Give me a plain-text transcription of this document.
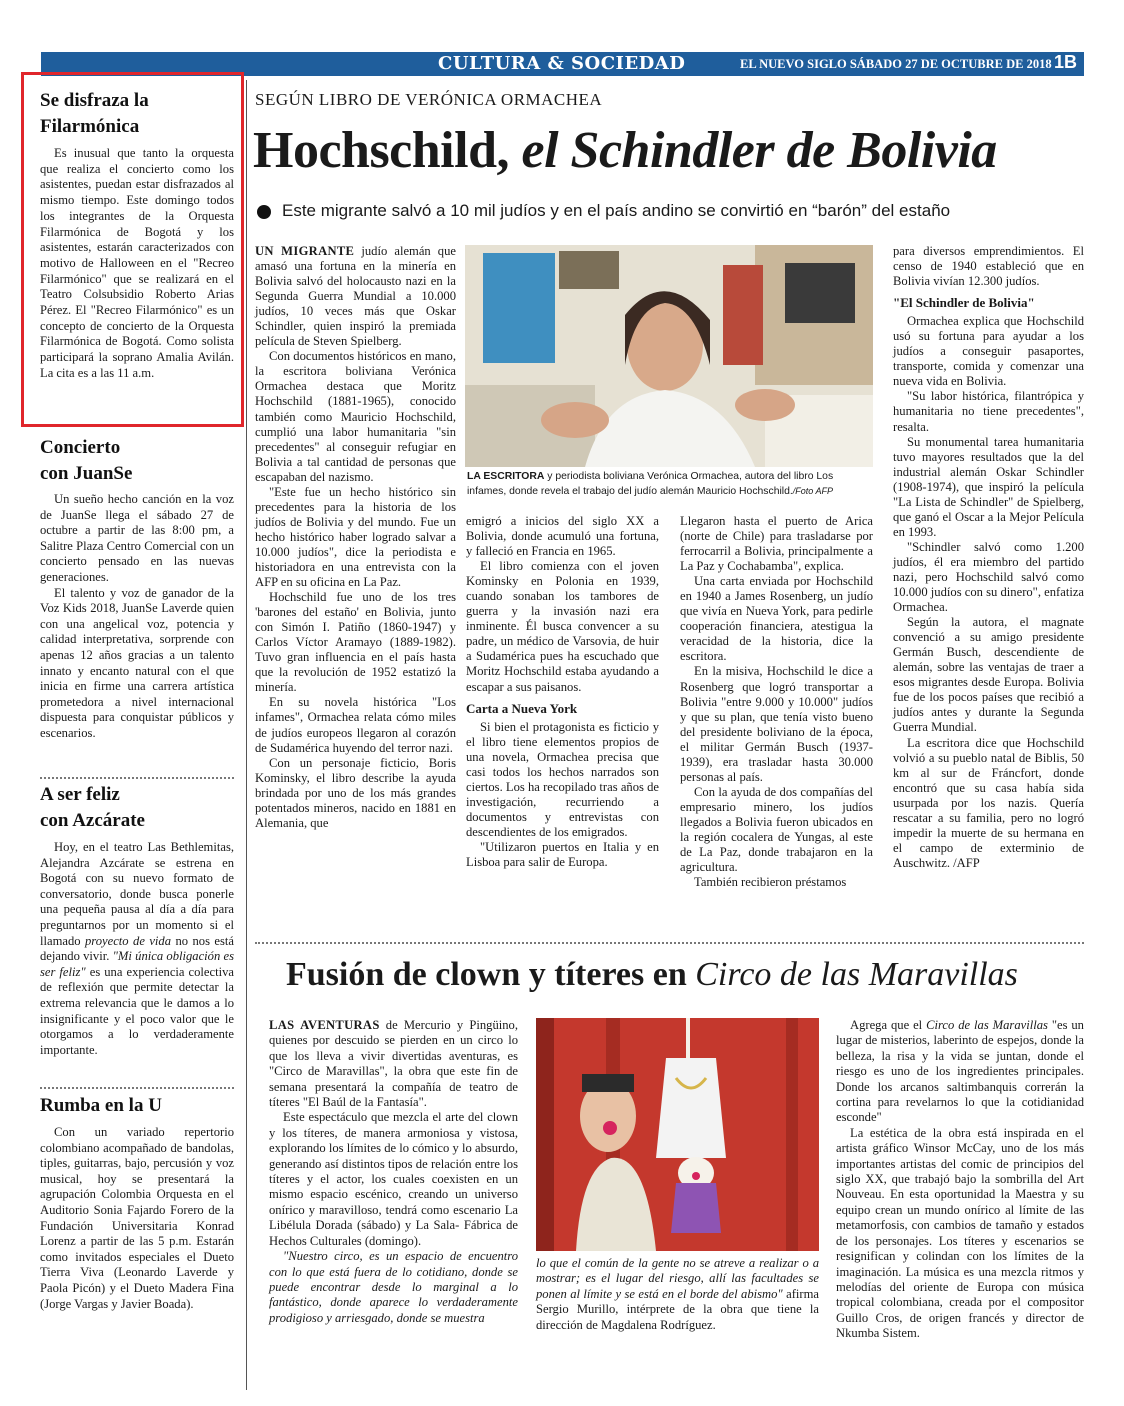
CULTURA & SOCIEDAD	EL NUEVO SIGLO SÁBADO 27 DE OCTUBRE DE 2018 1B
Se disfraza la
Filarmónica

Es inusual que tanto la orquesta que realiza el concierto como los asistentes, puedan estar disfrazados al mismo tiempo. Este domingo todos los integrantes de la Orquesta Filarmónica de Bogotá y los asistentes, estarán caracterizados con motivo de Halloween en el "Recreo Filarmónico" que se realizará en el Teatro Colsubsidio Roberto Arias Pérez. El "Recreo Filarmónico" es un concepto de concierto de la Orquesta Filarmónica de Bogotá. Como solista participará la soprano Amalia Avilán. La cita es a las 11 a.m.

Concierto
con JuanSe

Un sueño hecho canción en la voz de JuanSe llega el sábado 27 de octubre a partir de las 8:00 pm, a Salitre Plaza Centro Comercial con un concierto pensado en las nuevas generaciones.

El talento y voz de ganador de la Voz Kids 2018, JuanSe Laverde quien con una angelical voz, potencia y calidad interpretativa, sorprende con apenas 12 años gracias a un talento innato y encanto natural con el que inicia en firme una carrera artística prometedora a nivel internacional dispuesta para conquistar públicos y escenarios.

A ser feliz
con Azcárate

Hoy, en el teatro Las Bethlemitas, Alejandra Azcárate se estrena en Bogotá con su nuevo formato de conversatorio, donde busca ponerle una pequeña pausa al día a día para preguntarnos por un momento si el llamado proyecto de vida no nos está dejando vivir. "Mi única obligación es ser feliz" es una experiencia colectiva de reflexión que permite detectar la extrema relevancia que le damos a lo insignificante y el poco valor que le otorgamos a lo verdaderamente importante.

Rumba en la U

Con un variado repertorio colombiano acompañado de bandolas, tiples, guitarras, bajo, percusión y voz musical, hoy se presentará la agrupación Colombia Orquesta en el Auditorio Sonia Fajardo Forero de la Fundación Universitaria Konrad Lorenz a partir de las 5 p.m. Estarán como invitados especiales el Dueto Tierra Viva (Leonardo Laverde y Paola Picón) y el Dueto Madera Fina (Jorge Vargas y Javier Boada).

SEGÚN LIBRO DE VERÓNICA ORMACHEA
Hochschild, el Schindler de Bolivia
Este migrante salvó a 10 mil judíos y en el país andino se convirtió en “barón” del estaño

UN MIGRANTE judío alemán que amasó una fortuna en la minería en Bolivia salvó del holocausto nazi en la Segunda Guerra Mundial a 10.000 judíos, 10 veces más que Oskar Schindler, quien inspiró la premiada película de Steven Spielberg.

Con documentos históricos en mano, la escritora boliviana Verónica Ormachea destaca que Moritz Hochschild (1881-1965), conocido también como Mauricio Hochschild, cumplió una labor humanitaria "sin precedentes" al conseguir refugiar en Bolivia a tal cantidad de personas que escapaban del nazismo.

"Este fue un hecho histórico sin precedentes para la historia de los judíos de Bolivia y del mundo. Fue un hecho histórico haber logrado salvar a 10.000 judíos", dice la periodista e historiadora en una entrevista con la AFP en su oficina en La Paz.

Hochschild fue uno de los tres 'barones del estaño' en Bolivia, junto con Simón I. Patiño (1860-1947) y Carlos Víctor Aramayo (1889-1982). Tuvo gran influencia en el país hasta que la revolución de 1952 estatizó la minería.

En su novela histórica "Los infames", Ormachea relata cómo miles de judíos europeos llegaron al corazón de Sudamérica huyendo del terror nazi.

Con un personaje ficticio, Boris Kominsky, el libro describe la ayuda brindada por uno de los más grandes potentados mineros, nacido en 1881 en Alemania, que

LA ESCRITORA y periodista boliviana Verónica Ormachea, autora del libro Los infames, donde revela el trabajo del judío alemán Mauricio Hochschild./Foto AFP

emigró a inicios del siglo XX a Bolivia, donde acumuló una fortuna, y falleció en Francia en 1965.

El libro comienza con el joven Kominsky en Polonia en 1939, cuando sonaban los tambores de guerra y la invasión nazi era inminente. Él busca convencer a su padre, un médico de Varsovia, de huir a Sudamérica pues ha escuchado que Moritz Hochschild estaba ayudando a escapar a sus paisanos.

Carta a Nueva York

Si bien el protagonista es ficticio y el libro tiene elementos propios de una novela, Ormachea precisa que casi todos los hechos narrados son ciertos. Los ha recopilado tras años de investigación, recurriendo a documentos y entrevistas con descendientes de los emigrados.

"Utilizaron puertos en Italia y en Lisboa para salir de Europa.

Llegaron hasta el puerto de Arica (norte de Chile) para trasladarse por ferrocarril a Bolivia, principalmente a La Paz y Cochabamba", explica.

Una carta enviada por Hochschild en 1940 a James Rosenberg, un judío que vivía en Nueva York, para pedirle cooperación financiera, atestigua la veracidad de la historia, dice la escritora.

En la misiva, Hochschild le dice a Rosenberg que logró transportar a Bolivia "entre 9.000 y 10.000" judíos y que su plan, que tenía visto bueno del presidente boliviano de la época, el militar Germán Busch (1937-1939), era trasladar hasta 30.000 personas al país.

Con la ayuda de dos compañías del empresario minero, los judíos llegados a Bolivia fueron ubicados en la región cocalera de Yungas, al este de La Paz, donde trabajaron en la agricultura.

También recibieron préstamos

para diversos emprendimientos. El censo de 1940 estableció que en Bolivia vivían 12.300 judíos.

"El Schindler de Bolivia"

Ormachea explica que Hochschild usó su fortuna para ayudar a los judíos a conseguir pasaportes, transporte, comida y comenzar una nueva vida en Bolivia.

"Su labor histórica, filantrópica y humanitaria no tiene precedentes", resalta.

Su monumental tarea humanitaria tuvo mayores resultados que la del industrial alemán Oskar Schindler (1908-1974), que inspiró la película "La Lista de Schindler" de Spielberg, que ganó el Oscar a la Mejor Película en 1993.

"Schindler salvó como 1.200 judíos, él era miembro del partido nazi, pero Hochschild salvó como 10.000 judíos con su dinero", enfatiza Ormachea.

Según la autora, el magnate convenció a su amigo presidente Germán Busch, descendiente de alemán, sobre las ventajas de traer a esos migrantes desde Europa. Bolivia fue de los pocos países que recibió a judíos antes y durante la Segunda Guerra Mundial.

La escritora dice que Hochschild volvió a su pueblo natal de Biblis, 50 km al sur de Fráncfort, donde encontró que su casa había sida usurpada por los nazis. Quería rescatar a su familia, pero no logró impedir la muerte de su hermana en el campo de exterminio de Auschwitz. /AFP

Fusión de clown y títeres en Circo de las Maravillas

LAS AVENTURAS de Mercurio y Pingüino, quienes por descuido se pierden en un circo lo que los lleva a vivir divertidas aventuras, es "Circo de Maravillas", la obra que este fin de semana presentará la compañía de teatro de títeres "El Baúl de la Fantasía".

Este espectáculo que mezcla el arte del clown y los títeres, de manera armoniosa y vistosa, explorando los límites de lo cómico y lo absurdo, generando así distintos tipos de relación entre los títeres y el actor, los cuales coexisten en un mismo espacio escénico, creando un universo onírico y maravilloso, tendrá como escenario La Libélula Dorada (sábado) y La Sala- Fábrica de Hechos Culturales (domingo).

"Nuestro circo, es un espacio de encuentro con lo que está fuera de lo cotidiano, donde se puede encontrar desde lo marginal a lo fantástico, donde aparece lo verdaderamente prodigioso y arriesgado, donde se muestra

lo que el común de la gente no se atreve a realizar o a mostrar; es el lugar del riesgo, allí las facultades se ponen al límite y se está en el borde del abismo" afirma Sergio Murillo, intérprete de la obra que tiene la dirección de Magdalena Rodríguez.

Agrega que el Circo de las Maravillas "es un lugar de misterios, laberinto de espejos, donde la belleza, la risa y la vida se juntan, donde el riesgo es uno de los ingredientes principales. Donde los arcanos saltimbanquis correrán la cortina para revelarnos lo que la cotidianidad esconde"

La estética de la obra está inspirada en el artista gráfico Winsor McCay, uno de los más importantes artistas del comic de principios del siglo XX, que trabajó bajo la sombrilla del Art Nouveau. En esta oportunidad la Maestra y su equipo crean un mundo onírico al límite de las metamorfosis, con cambios de tamaño y estados de los personajes. Los títeres y escenarios se resignifican y colindan con los límites de la imaginación. La música es una mezcla ritmos y melodías del oriente de Europa con música tropical colombiana, creada por el compositor Guillo Cros, de origen francés y director de Nkumba Sistem.
